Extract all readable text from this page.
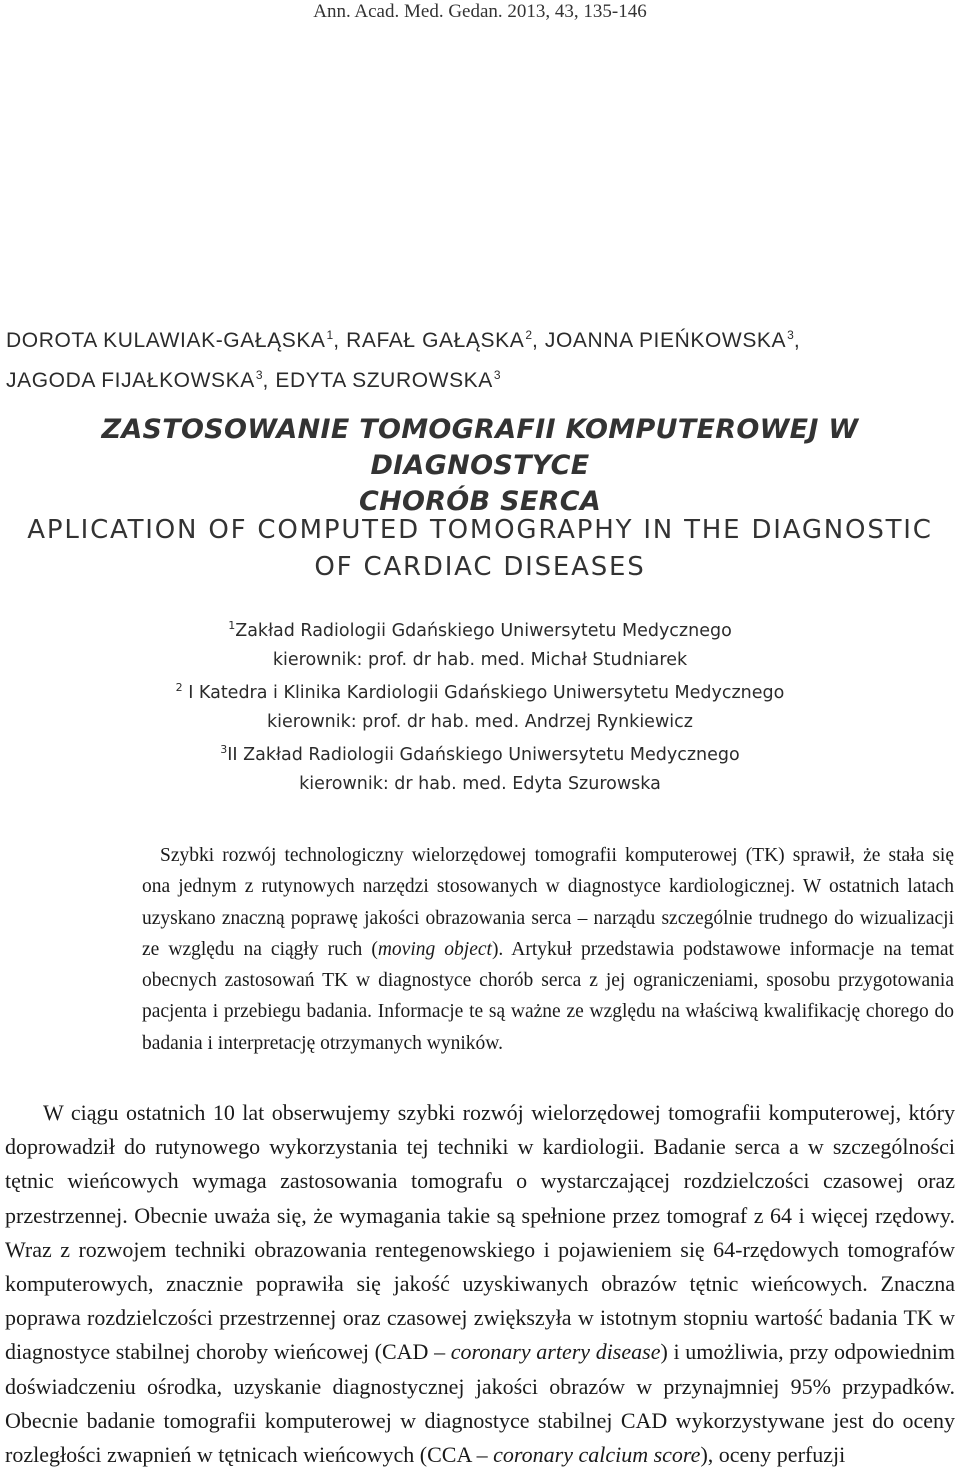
Ann. Acad. Med. Gedan. 2013, 43, 135-146
DOROTA KULAWIAK-GAŁĄSKA$^1$, RAFAŁ GAŁĄSKA$^2$, JOANNA PIEŃKOWSKA$^3$,
JAGODA FIJAŁKOWSKA$^3$, EDYTA SZUROWSKA$^3$
ZASTOSOWANIE TOMOGRAFII KOMPUTEROWEJ W DIAGNOSTYCE
CHORÓB SERCA
APLICATION OF COMPUTED TOMOGRAPHY IN THE DIAGNOSTIC
OF CARDIAC DISEASES
$^1$Zakład Radiologii Gdańskiego Uniwersytetu Medycznego
kierownik: prof. dr hab. med. Michał Studniarek
$^2$ I Katedra i Klinika Kardiologii Gdańskiego Uniwersytetu Medycznego
kierownik: prof. dr hab. med. Andrzej Rynkiewicz
$^3$II Zakład Radiologii Gdańskiego Uniwersytetu Medycznego
kierownik: dr hab. med. Edyta Szurowska

Szybki rozwój technologiczny wielorzędowej tomografii komputerowej (TK) sprawił, że stała się ona jednym z rutynowych narzędzi stosowanych w diagnostyce kardiologicznej. W ostatnich latach uzyskano znaczną poprawę jakości obrazowania serca – narządu szczególnie trudnego do wizualizacji ze względu na ciągły ruch (moving object). Artykuł przedstawia podstawowe informacje na temat obecnych zastosowań TK w diagnostyce chorób serca z jej ograniczeniami, sposobu przygotowania pacjenta i przebiegu badania. Informacje te są ważne ze względu na właściwą kwalifikację chorego do badania i interpretację otrzymanych wyników.

W ciągu ostatnich 10 lat obserwujemy szybki rozwój wielorzędowej tomografii komputerowej, który doprowadził do rutynowego wykorzystania tej techniki w kardiologii. Badanie serca a w szczególności tętnic wieńcowych wymaga zastosowania tomografu o wystarczającej rozdzielczości czasowej oraz przestrzennej. Obecnie uważa się, że wymagania takie są spełnione przez tomograf z 64 i więcej rzędowy. Wraz z rozwojem techniki obrazowania rentegenowskiego i pojawieniem się 64-rzędowych tomografów komputerowych, znacznie poprawiła się jakość uzyskiwanych obrazów tętnic wieńcowych. Znaczna poprawa rozdzielczości przestrzennej oraz czasowej zwiększyła w istotnym stopniu wartość badania TK w diagnostyce stabilnej choroby wieńcowej (CAD – coronary artery disease) i umożliwia, przy odpowiednim doświadczeniu ośrodka, uzyskanie diagnostycznej jakości obrazów w przynajmniej 95% przypadków. Obecnie badanie tomografii komputerowej w diagnostyce stabilnej CAD wykorzystywane jest do oceny rozległości zwapnień w tętnicach wieńcowych (CCA – coronary calcium score), oceny perfuzji
